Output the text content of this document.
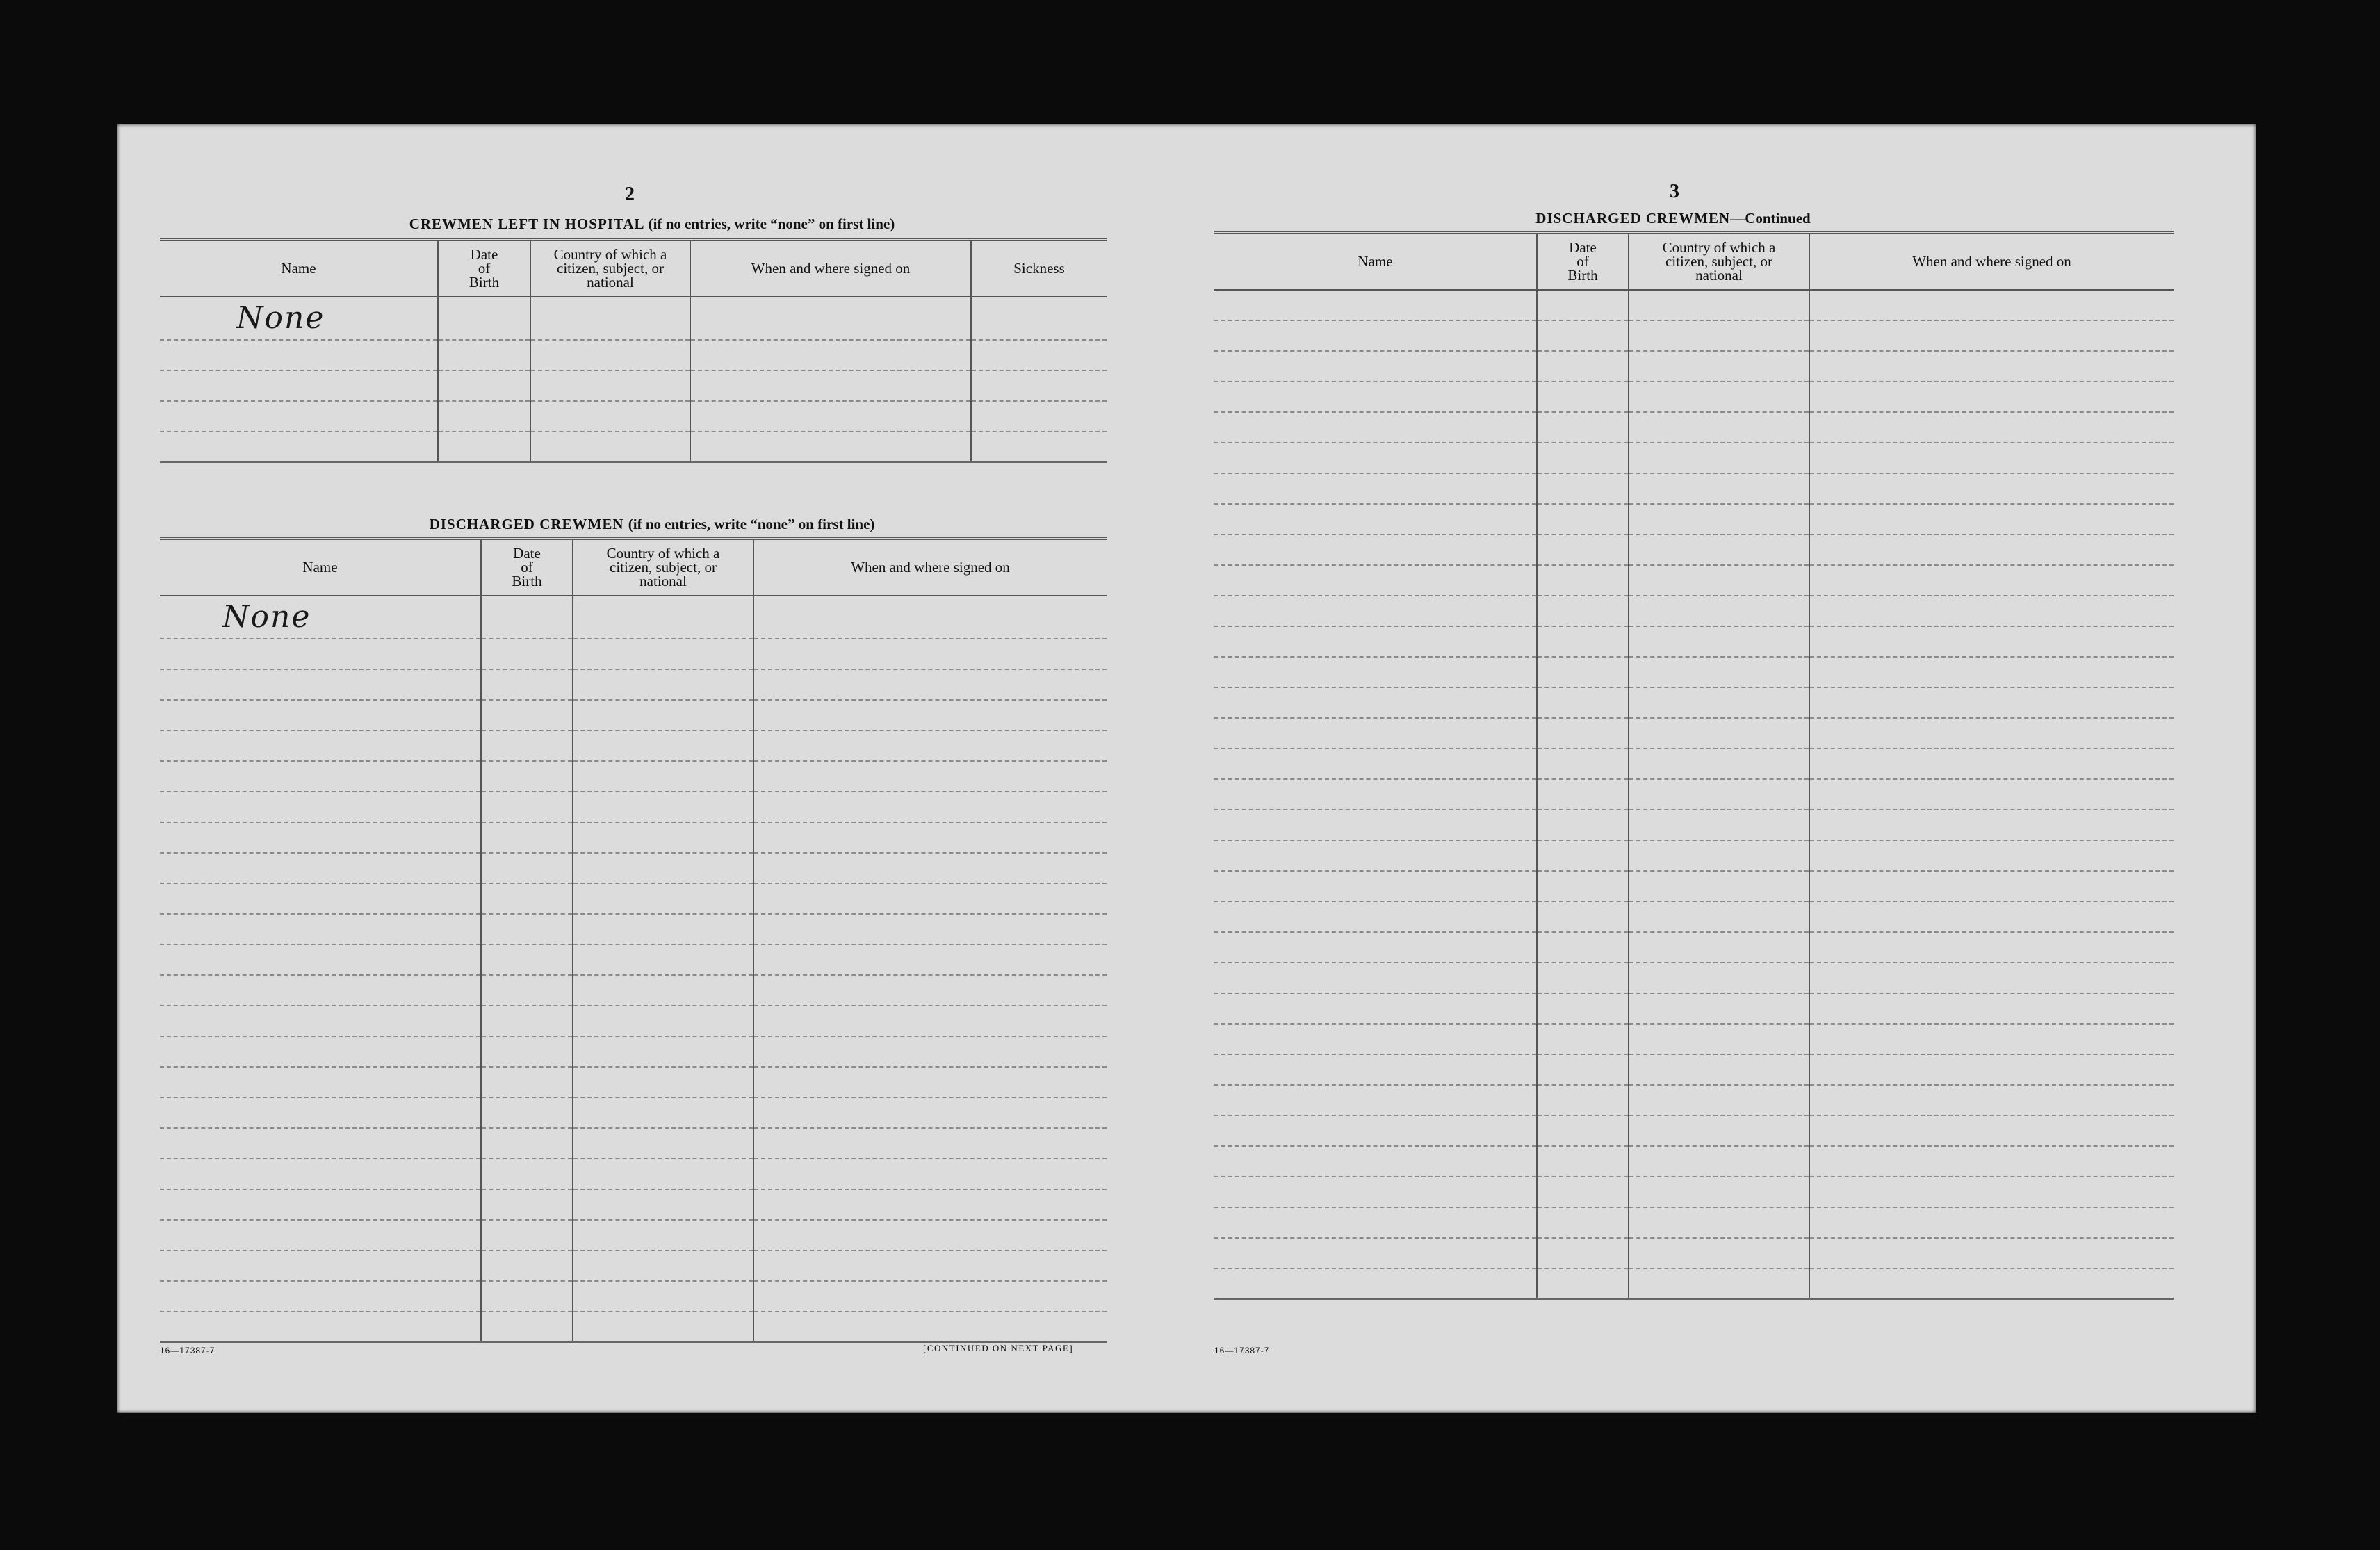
2
CREWMEN LEFT IN HOSPITAL (if no entries, write “none” on first line)
Name	Date
of
Birth	Country of which a
citizen, subject, or
national	When and where signed on	Sickness
None				

DISCHARGED CREWMEN (if no entries, write “none” on first line)
Name	Date
of
Birth	Country of which a
citizen, subject, or
national	When and where signed on
None			

16—17387-7	[CONTINUED ON NEXT PAGE]
3
DISCHARGED CREWMEN—Continued
Name	Date
of
Birth	Country of which a
citizen, subject, or
national	When and where signed on

16—17387-7
